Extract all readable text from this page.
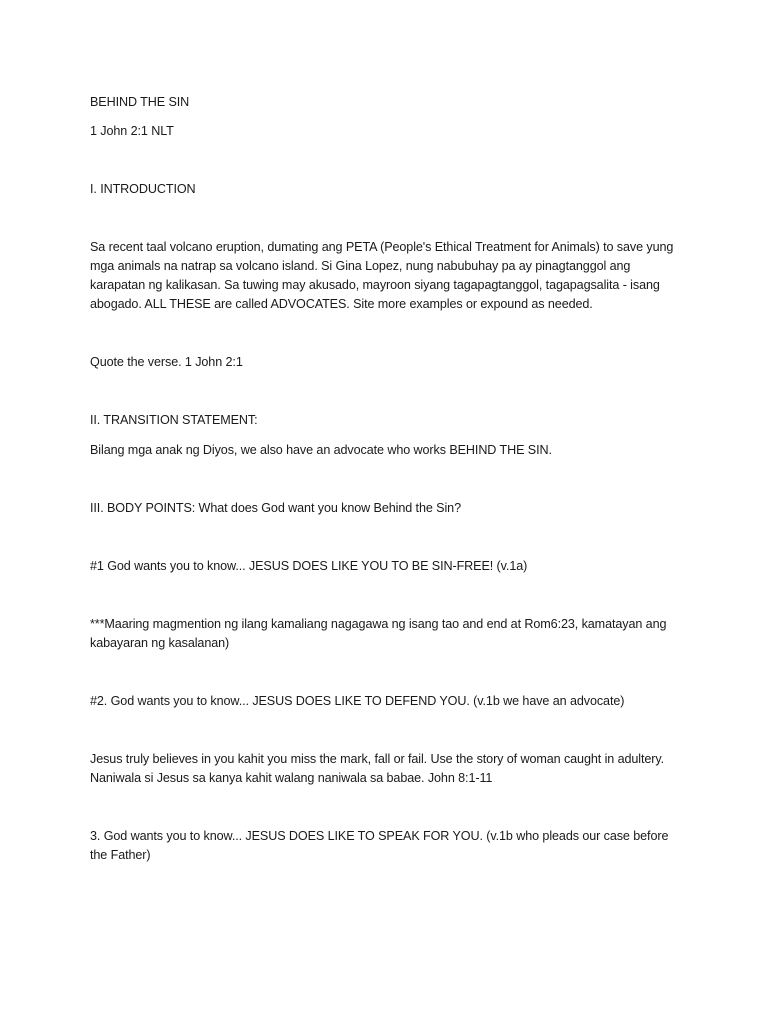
BEHIND THE SIN
1 John 2:1 NLT
I. INTRODUCTION
Sa recent taal volcano eruption, dumating ang PETA (People's Ethical Treatment for Animals) to save yung mga animals na natrap sa volcano island. Si Gina Lopez, nung nabubuhay pa ay pinagtanggol ang karapatan ng kalikasan. Sa tuwing may akusado, mayroon siyang tagapagtanggol, tagapagsalita - isang abogado. ALL THESE are called ADVOCATES. Site more examples or expound as needed.
Quote the verse. 1 John 2:1
II. TRANSITION STATEMENT:
Bilang mga anak ng Diyos, we also have an advocate who works BEHIND THE SIN.
III. BODY POINTS: What does God want you know Behind the Sin?
#1 God wants you to know... JESUS DOES LIKE YOU TO BE SIN-FREE! (v.1a)
***Maaring magmention ng ilang kamaliang nagagawa ng isang tao and end at Rom6:23, kamatayan ang kabayaran ng kasalanan)
#2. God wants you to know... JESUS DOES LIKE TO DEFEND YOU. (v.1b we have an advocate)
Jesus truly believes in you kahit you miss the mark, fall or fail. Use the story of woman caught in adultery. Naniwala si Jesus sa kanya kahit walang naniwala sa babae. John 8:1-11
3. God wants you to know... JESUS DOES LIKE TO SPEAK FOR YOU. (v.1b who pleads our case before the Father)
